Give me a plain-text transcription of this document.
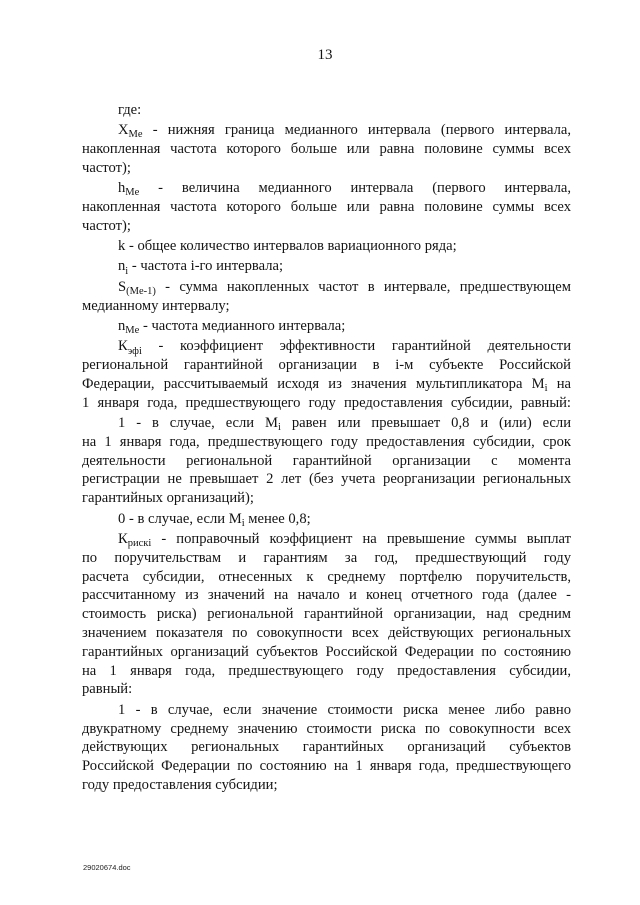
13
где:
$X_{Me}$ - нижняя граница медианного интервала (первого интервала,
накопленная частота которого больше или равна половине суммы всех
частот);
$h_{Me}$ - величина медианного интервала (первого интервала,
накопленная частота которого больше или равна половине суммы всех
частот);
k - общее количество интервалов вариационного ряда;
$n_i$ - частота i-го интервала;
$S_{(Me-1)}$ - сумма накопленных частот в интервале, предшествующем
медианному интервалу;
$n_{Me}$ - частота медианного интервала;
$К_{эфi}$ - коэффициент эффективности гарантийной деятельности
региональной гарантийной организации в i-м субъекте Российской
Федерации, рассчитываемый исходя из значения мультипликатора $M_i$ на
1 января года, предшествующего году предоставления субсидии, равный:
1 - в случае, если $M_i$ равен или превышает 0,8 и (или) если
на 1 января года, предшествующего году предоставления субсидии, срок
деятельности региональной гарантийной организации с момента
регистрации не превышает 2 лет (без учета реорганизации региональных
гарантийных организаций);
0 - в случае, если $M_i$ менее 0,8;
$К_{рискi}$ - поправочный коэффициент на превышение суммы выплат
по поручительствам и гарантиям за год, предшествующий году
расчета субсидии, отнесенных к среднему портфелю поручительств,
рассчитанному из значений на начало и конец отчетного года (далее -
стоимость риска) региональной гарантийной организации, над средним
значением показателя по совокупности всех действующих региональных
гарантийных организаций субъектов Российской Федерации по состоянию
на 1 января года, предшествующего году предоставления субсидии,
равный:
1 - в случае, если значение стоимости риска менее либо равно
двукратному среднему значению стоимости риска по совокупности всех
действующих региональных гарантийных организаций субъектов
Российской Федерации по состоянию на 1 января года, предшествующего
году предоставления субсидии;
29020674.doc
